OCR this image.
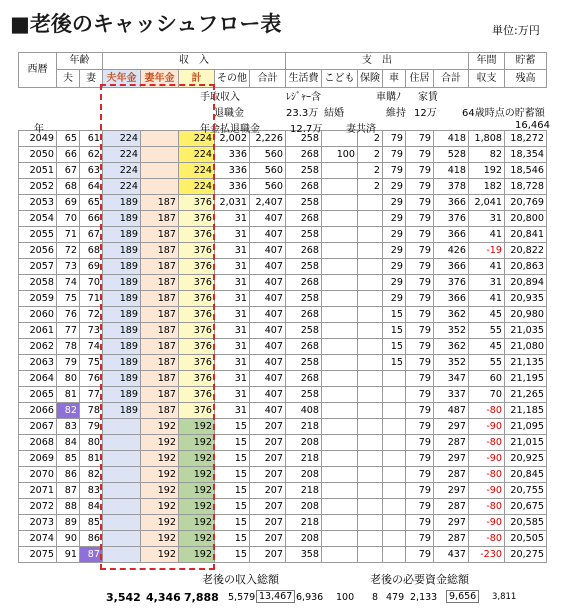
■老後のキャッシュフロー表	単位:万円
西暦	年齢		収　入					支　出						年間	貯蓄
	夫	妻	夫年金	妻年金	計	その他	合計	生活費	こども	保険	車	住居	合計	収支	残高

2049	65	61	224		224	2,002	2,226	258		2	79	79	418	1,808	18,272
2050	66	62	224		224	336	560	268	100	2	79	79	528	82	18,354
2051	67	63	224		224	336	560	258		2	79	79	418	192	18,546
2052	68	64	224		224	336	560	268		2	29	79	378	182	18,728
2053	69	65	189	187	376	2,031	2,407	258			29	79	366	2,041	20,769
2054	70	66	189	187	376	31	407	268			29	79	376	31	20,800
2055	71	67	189	187	376	31	407	258			29	79	366	41	20,841
2056	72	68	189	187	376	31	407	268			29	79	426	-19	20,822
2057	73	69	189	187	376	31	407	258			29	79	366	41	20,863
2058	74	70	189	187	376	31	407	268			29	79	376	31	20,894
2059	75	71	189	187	376	31	407	258			29	79	366	41	20,935
2060	76	72	189	187	376	31	407	268			15	79	362	45	20,980
2061	77	73	189	187	376	31	407	258			15	79	352	55	21,035
2062	78	74	189	187	376	31	407	268			15	79	362	45	21,080
2063	79	75	189	187	376	31	407	258			15	79	352	55	21,135
2064	80	76	189	187	376	31	407	268				79	347	60	21,195
2065	81	77	189	187	376	31	407	258				79	337	70	21,265
2066	82	78	189	187	376	31	407	408				79	487	-80	21,185
2067	83	79		192	192	15	207	218				79	297	-90	21,095
2068	84	80		192	192	15	207	208				79	287	-80	21,015
2069	85	81		192	192	15	207	218				79	297	-90	20,925
2070	86	82		192	192	15	207	208				79	287	-80	20,845
2071	87	83		192	192	15	207	218				79	297	-90	20,755
2072	88	84		192	192	15	207	208				79	287	-80	20,675
2073	89	85		192	192	15	207	218				79	297	-90	20,585
2074	90	86		192	192	15	207	208				79	287	-80	20,505
2075	91	87		192	192	15	207	358				79	437	-230	20,275
手取収入	ﾚｼﾞｬｰ含	車購ﾉ 家賃
退職金	23.3万 結婚	維持 12万	64歳時点の貯蓄額
年	年金払退職金	12.7万 妻共済	16,464
老後の収入総額	老後の必要資金総額
3,542 4,346 7,888 5,579 13,467 6,936 100 8 479 2,133	9,656	3,811
